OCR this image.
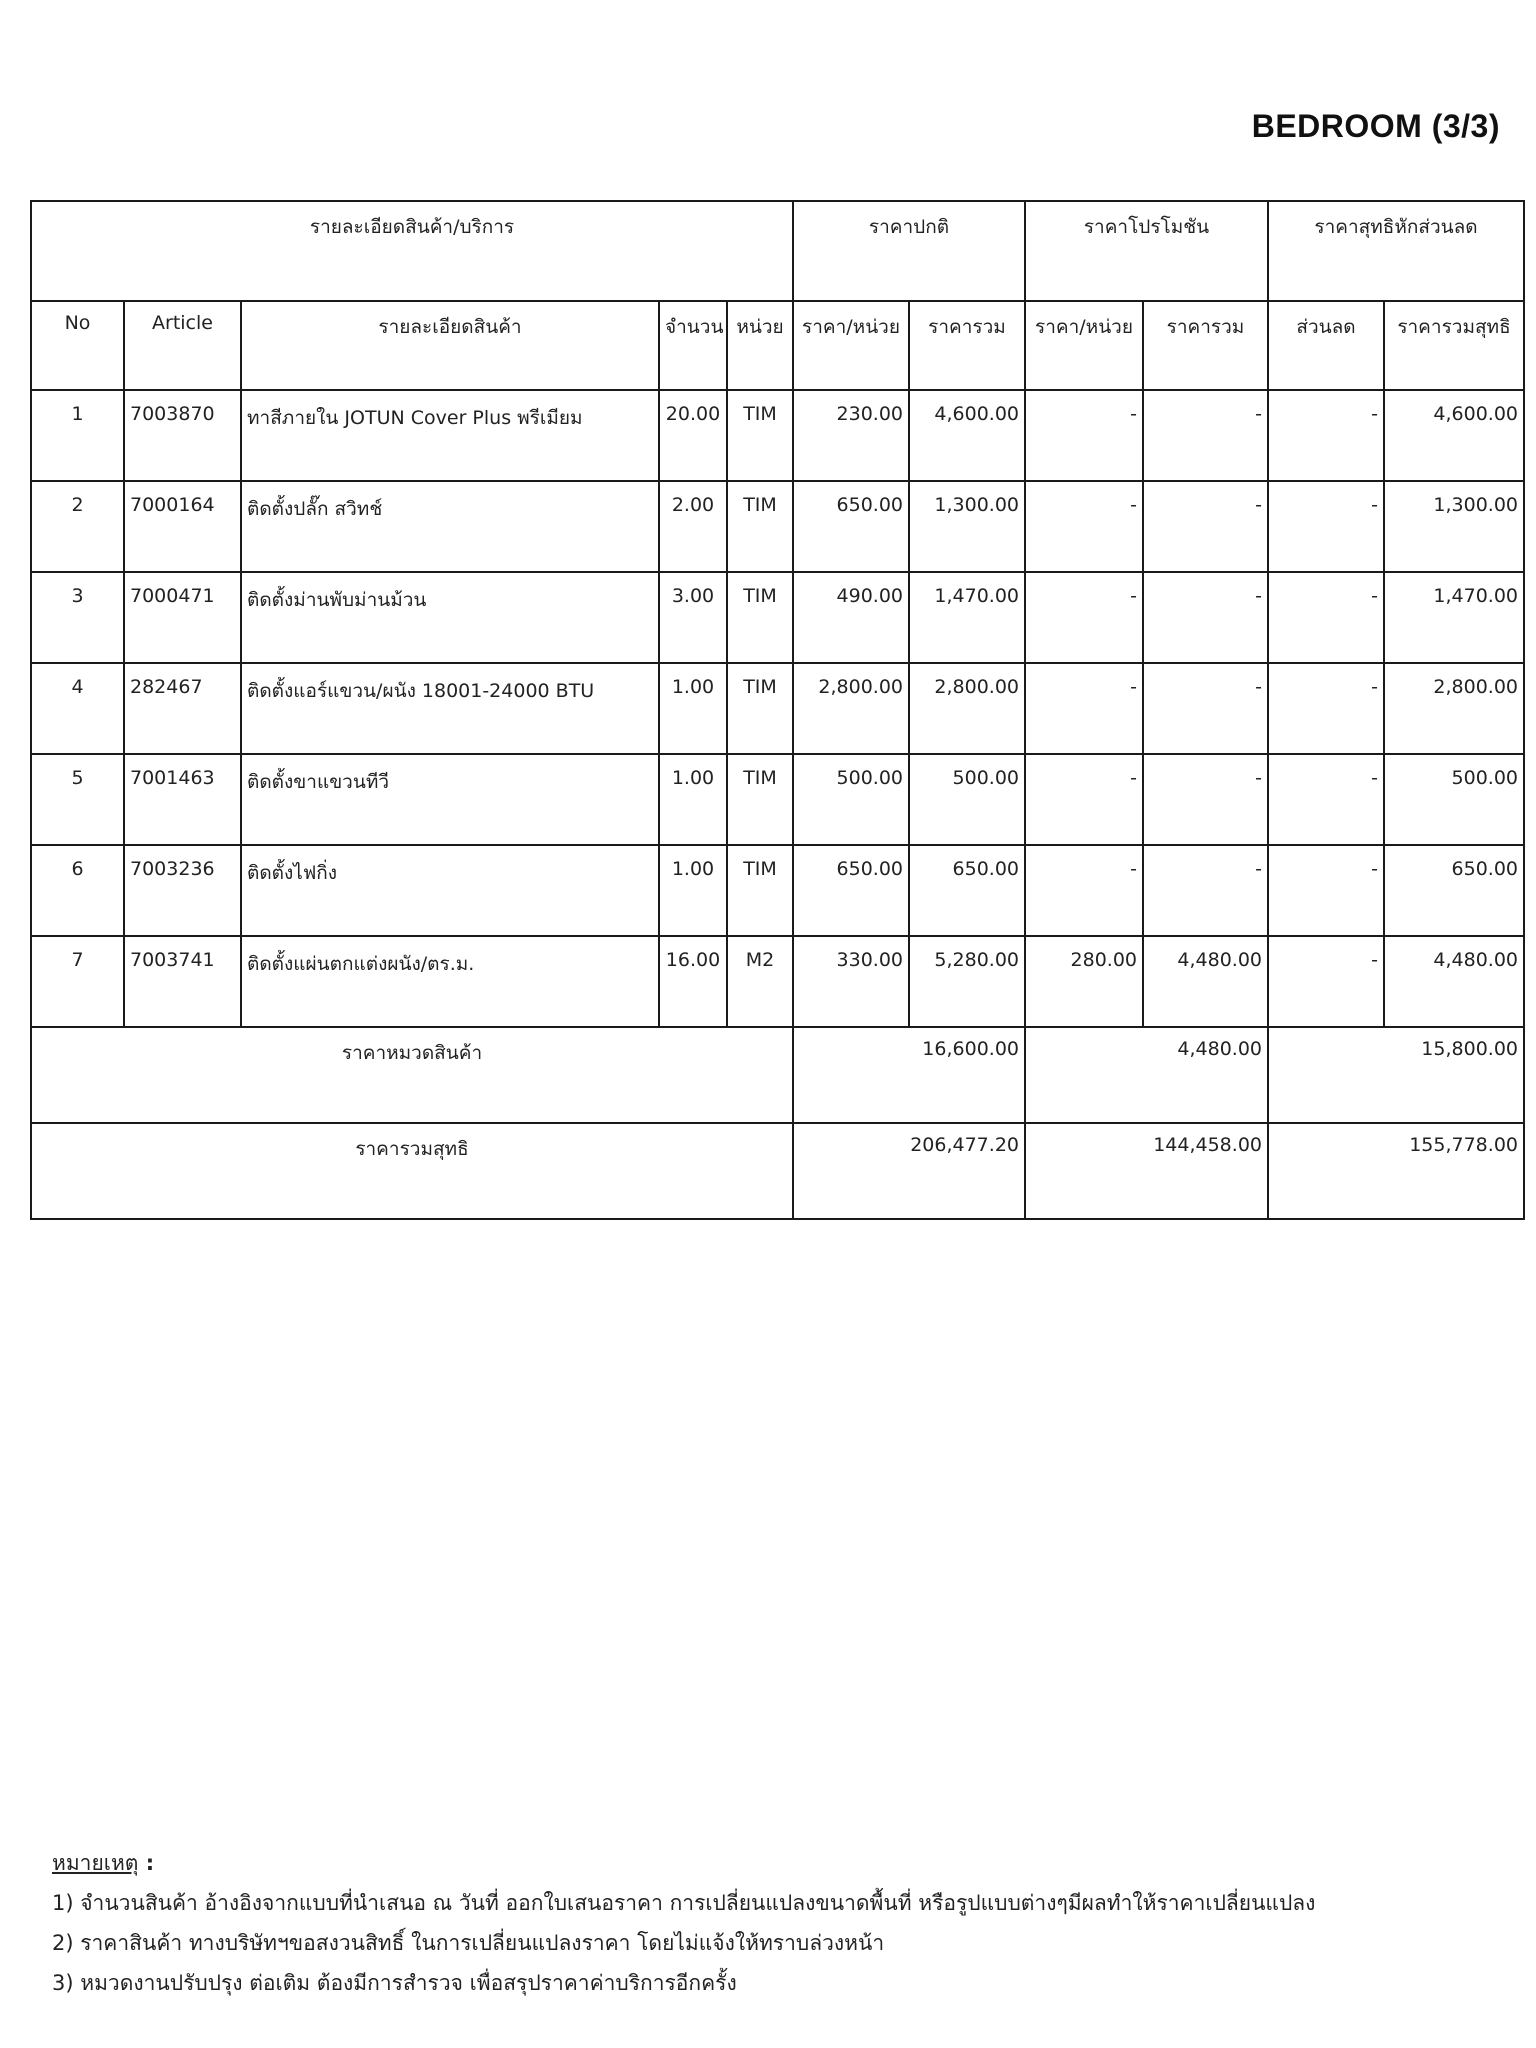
BEDROOM (3/3)
รายละเอียดสินค้า/บริการ					ราคาปกติ		ราคาโปรโมชัน		ราคาสุทธิหักส่วนลด	
No	Article	รายละเอียดสินค้า	จำนวน	หน่วย	ราคา/หน่วย	ราคารวม	ราคา/หน่วย	ราคารวม	ส่วนลด	ราคารวมสุทธิ
1	7003870	ทาสีภายใน JOTUN Cover Plus พรีเมียม	20.00	TIM	230.00	4,600.00	-	-	-	4,600.00
2	7000164	ติดตั้งปลั๊ก สวิทช์	2.00	TIM	650.00	1,300.00	-	-	-	1,300.00
3	7000471	ติดตั้งม่านพับม่านม้วน	3.00	TIM	490.00	1,470.00	-	-	-	1,470.00
4	282467	ติดตั้งแอร์แขวน/ผนัง 18001-24000 BTU	1.00	TIM	2,800.00	2,800.00	-	-	-	2,800.00
5	7001463	ติดตั้งขาแขวนทีวี	1.00	TIM	500.00	500.00	-	-	-	500.00
6	7003236	ติดตั้งไฟกิ่ง	1.00	TIM	650.00	650.00	-	-	-	650.00
7	7003741	ติดตั้งแผ่นตกแต่งผนัง/ตร.ม.	16.00	M2	330.00	5,280.00	280.00	4,480.00	-	4,480.00
ราคาหมวดสินค้า					16,600.00		4,480.00		15,800.00	
ราคารวมสุทธิ					206,477.20		144,458.00		155,778.00	
หมายเหตุ :
1) จำนวนสินค้า อ้างอิงจากแบบที่นำเสนอ ณ วันที่ ออกใบเสนอราคา การเปลี่ยนแปลงขนาดพื้นที่ หรือรูปแบบต่างๆมีผลทำให้ราคาเปลี่ยนแปลง
2) ราคาสินค้า ทางบริษัทฯขอสงวนสิทธิ์ ในการเปลี่ยนแปลงราคา โดยไม่แจ้งให้ทราบล่วงหน้า
3) หมวดงานปรับปรุง ต่อเติม ต้องมีการสำรวจ เพื่อสรุปราคาค่าบริการอีกครั้ง
